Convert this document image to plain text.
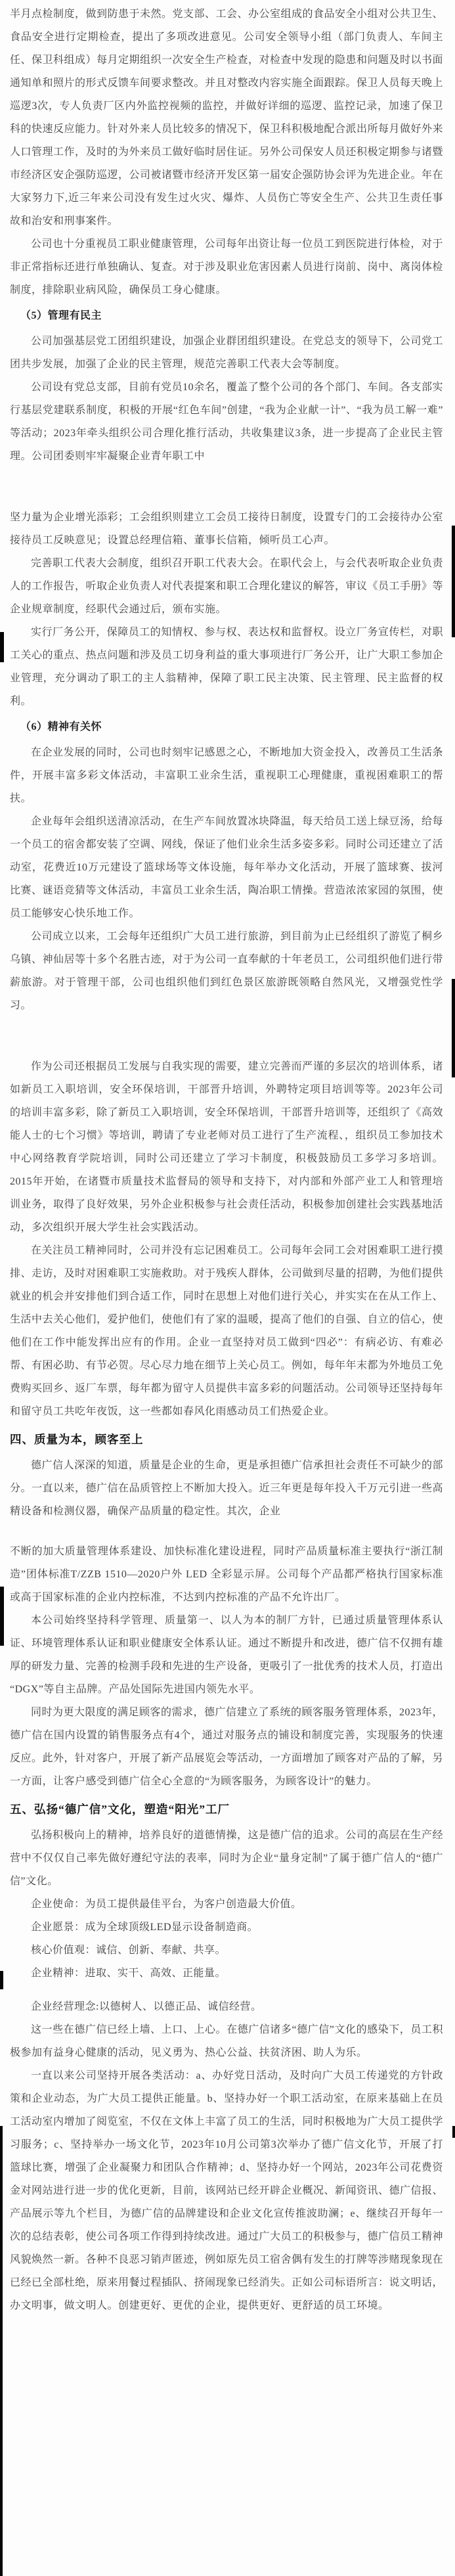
半月点检制度，做到防患于未然。党支部、工会、办公室组成的食品安全小组对公共卫生、食品安全进行定期检查，提出了多项改进意见。公司安全领导小组（部门负责人、车间主任、保卫科组成）每月定期组织一次安全生产检查，对检查中发现的隐患和问题及时以书面通知单和照片的形式反馈车间要求整改。并且对整改内容实施全面跟踪。保卫人员每天晚上巡逻3次，专人负责厂区内外监控视频的监控，并做好详细的巡逻、监控记录，加速了保卫科的快速反应能力。针对外来人员比较多的情况下，保卫科积极地配合派出所每月做好外来人口管理工作，及时的为外来员工做好临时居住证。另外公司保安人员还积极定期参与诸暨市经济区安企强防巡逻，公司被诸暨市经济开发区第一届安企强防协会评为先进企业。年在大家努力下,近三年来公司没有发生过火灾、爆炸、人员伤亡等安全生产、公共卫生责任事故和治安和刑事案件。

公司也十分重视员工职业健康管理，公司每年出资让每一位员工到医院进行体检，对于非正常指标还进行单独确认、复查。对于涉及职业危害因素人员进行岗前、岗中、离岗体检制度，排除职业病风险，确保员工身心健康。

（5）管理有民主

公司加强基层党工团组织建设，加强企业群团组织建设。在党总支的领导下，公司党工团共步发展，加强了企业的民主管理，规范完善职工代表大会等制度。

公司设有党总支部，目前有党员10余名，覆盖了整个公司的各个部门、车间。各支部实行基层党建联系制度，积极的开展“红色车间”创建，“我为企业献一计”、“我为员工解一难”等活动；2023年牵头组织公司合理化推行活动，共收集建议3条，进一步提高了企业民主管理。公司团委则牢牢凝聚企业青年职工中

坚力量为企业增光添彩；工会组织则建立工会员工接待日制度，设置专门的工会接待办公室接待员工反映意见；设置总经理信箱、董事长信箱，倾听员工心声。

完善职工代表大会制度，组织召开职工代表大会。在职代会上，与会代表听取企业负责人的工作报告，听取企业负责人对代表提案和职工合理化建议的解答，审议《员工手册》等企业规章制度，经职代会通过后，颁布实施。

实行厂务公开，保障员工的知情权、参与权、表达权和监督权。设立厂务宣传栏，对职工关心的重点、热点问题和涉及员工切身利益的重大事项进行厂务公开，让广大职工参加企业管理，充分调动了职工的主人翁精神，保障了职工民主决策、民主管理、民主监督的权利。

（6）精神有关怀

在企业发展的同时，公司也时刻牢记感恩之心，不断地加大资金投入，改善员工生活条件，开展丰富多彩文体活动，丰富职工业余生活，重视职工心理健康，重视困难职工的帮扶。

企业每年会组织送清凉活动，在生产车间放置冰块降温，每天给员工送上绿豆汤，给每一个员工的宿舍都安装了空调、网线，保证了他们业余生活多姿多彩。同时公司还建立了活动室，花费近10万元建设了篮球场等文体设施，每年举办文化活动，开展了篮球赛、拔河比赛、谜语竞猜等文体活动，丰富员工业余生活，陶冶职工情操。营造浓浓家园的氛围，使员工能够安心快乐地工作。

公司成立以来，工会每年还组织广大员工进行旅游，到目前为止已经组织了游览了桐乡乌镇、神仙居等十多个名胜古迹，对于为公司一直奉献的十年老员工，公司组织他们进行带薪旅游。对于管理干部，公司也组织他们到红色景区旅游既领略自然风光，又增强党性学习。

作为公司还根据员工发展与自我实现的需要，建立完善而严谨的多层次的培训体系，诸如新员工入职培训，安全环保培训，干部晋升培训，外聘特定项目培训等等。2023年公司的培训丰富多彩，除了新员工入职培训，安全环保培训，干部晋升培训等，还组织了《高效能人士的七个习惯》等培训，聘请了专业老师对员工进行了生产流程、，组织员工参加技术中心网络教育学院培训，同时公司还建立了学习卡制度，积极鼓励员工多学习多培训。2015年开始，在诸暨市质量技术监督局的领导和支持下，对内部和外部产业工人和管理培训业务，取得了良好效果，另外企业积极参与社会责任活动，积极参加创建社会实践基地活动，多次组织开展大学生社会实践活动。

在关注员工精神同时，公司并没有忘记困难员工。公司每年会同工会对困难职工进行摸排、走访，及时对困难职工实施救助。对于残疾人群体，公司做到尽量的招聘，为他们提供就业的机会并安排他们到合适工作，同时在思想上对他们进行关心，并实实在在从工作上、生活中去关心他们，爱护他们，使他们有了家的温暖，提高了他们的自强、自立的信心，使他们在工作中能发挥出应有的作用。企业一直坚持对员工做到“四必”：有病必访、有难必帮、有困必助、有节必贺。尽心尽力地在细节上关心员工。例如，每年年末都为外地员工免费购买回乡、返厂车票，每年都为留守人员提供丰富多彩的问题活动。公司领导还坚持每年和留守员工共吃年夜饭，这一些都如春风化雨感动员工们热爱企业。

四、质量为本，顾客至上

德广信人深深的知道，质量是企业的生命，更是承担德广信承担社会责任不可缺少的部分。一直以来，德广信在品质管控上不断加大投入。近三年更是每年投入千万元引进一些高精设备和检测仪器，确保产品质量的稳定性。其次，企业

不断的加大质量管理体系建设、加快标准化建设进程，同时产品质量标准主要执行“浙江制造”团体标准T/ZZB 1510—2020户外 LED 全彩显示屏。公司每个产品都严格执行国家标准或高于国家标准的企业内控标准，不达到内控标准的产品不允许出厂。

本公司始终坚持科学管理、质量第一、以人为本的制厂方针，已通过质量管理体系认证、环境管理体系认证和职业健康安全体系认证。通过不断提升和改进，德广信不仅拥有雄厚的研发力量、完善的检测手段和先进的生产设备，更吸引了一批优秀的技术人员，打造出“DGX”等自主品牌。产品处国际先进国内领先水平。

同时为更大限度的满足顾客的需求，德广信建立了系统的顾客服务管理体系，2023年，德广信在国内设置的销售服务点有4个，通过对服务点的铺设和制度完善，实现服务的快速反应。此外，针对客户，开展了新产品展览会等活动，一方面增加了顾客对产品的了解，另一方面，让客户感受到德广信全心全意的“为顾客服务，为顾客设计”的魅力。

五、弘扬“德广信”文化，塑造“阳光”工厂

弘扬积极向上的精神，培养良好的道德情操，这是德广信的追求。公司的高层在生产经营中不仅仅自己率先做好遵纪守法的表率，同时为企业“量身定制”了属于德广信人的“德广信”文化。

企业使命：为员工提供最佳平台，为客户创造最大价值。

企业愿景：成为全球顶级LED显示设备制造商。

核心价值观：诚信、创新、奉献、共享。

企业精神：进取、实干、高效、正能量。

企业经营理念:以德树人、以德正品、诚信经营。

这一些在德广信已经上墙、上口、上心。在德广信诸多“德广信”文化的感染下，员工积极参加有益身心健康的活动，见义勇为、热心公益、扶贫济困、助人为乐。

一直以来公司坚持开展各类活动：a、办好党日活动，及时向广大员工传递党的方针政策和企业动态，为广大员工提供正能量。b、坚持办好一个职工活动室，在原来基础上在员工活动室内增加了阅览室，不仅在文体上丰富了员工的生活，同时积极地为广大员工提供学习服务；c、坚持举办一场文化节，2023年10月公司第3次举办了德广信文化节，开展了打篮球比赛，增强了企业凝聚力和团队合作精神；d、坚持办好一个网站，2023年公司花费资金对网站进行进一步的优化更新，目前，该网站已经开辟企业概况、新闻资讯、德广信报、产品展示等九个栏目，为德广信的品牌建设和企业文化宣传推波助澜；e、继续召开每年一次的总结表彰，使公司各项工作得到持续改进。通过广大员工的积极参与，德广信员工精神风貌焕然一新。各种不良恶习销声匿迹，例如原先员工宿舍偶有发生的打牌等涉赌现象现在已经已全部杜绝，原来用餐过程插队、挤闹现象已经消失。正如公司标语所言：说文明话，办文明事，做文明人。创建更好、更优的企业，提供更好、更舒适的员工环境。
